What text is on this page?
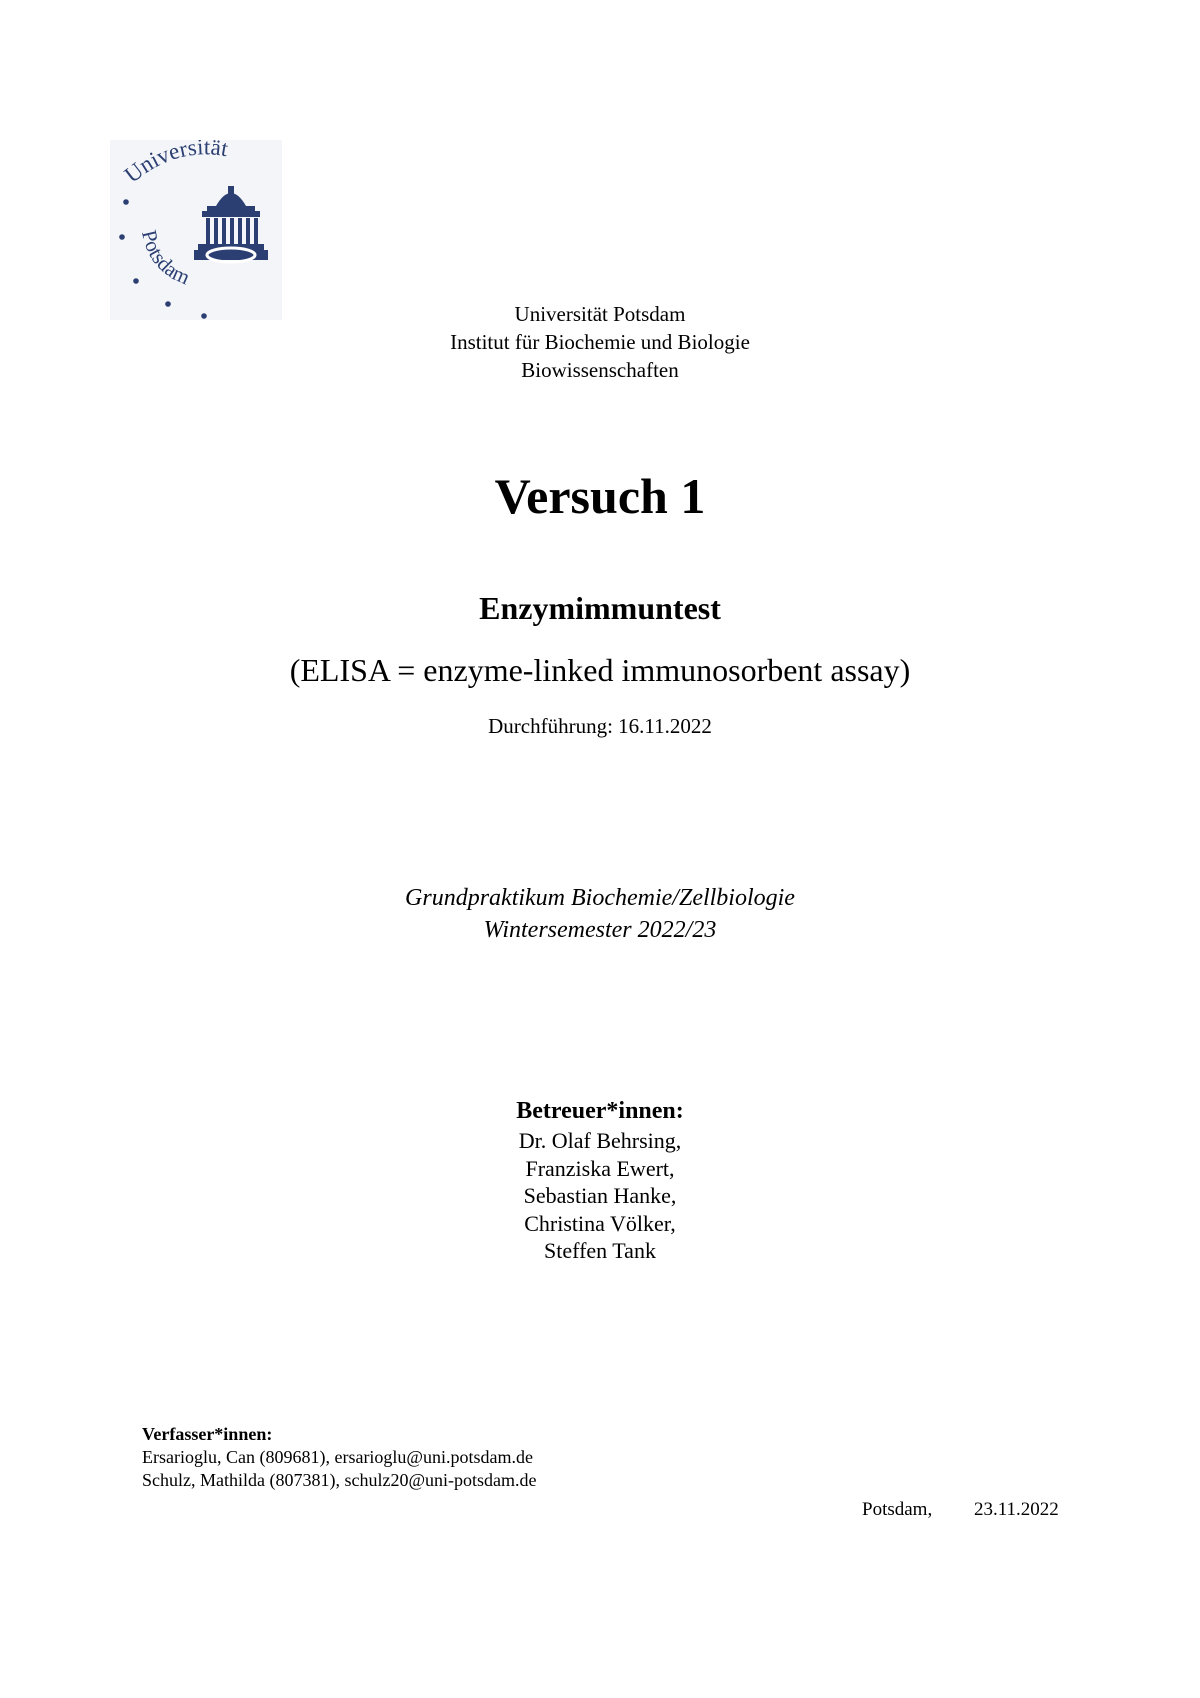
Universität
Potsdam
Universität Potsdam
Institut für Biochemie und Biologie
Biowissenschaften
Versuch 1
Enzymimmuntest
(ELISA = enzyme-linked immunosorbent assay)
Durchführung: 16.11.2022
Grundpraktikum Biochemie/Zellbiologie
Wintersemester 2022/23
Betreuer*innen:
Dr. Olaf Behrsing,
Franziska Ewert,
Sebastian Hanke,
Christina Völker,
Steffen Tank
Verfasser*innen:
Ersarioglu, Can (809681), ersarioglu@uni.potsdam.de
Schulz, Mathilda (807381), schulz20@uni-potsdam.de
Potsdam, 23.11.2022
